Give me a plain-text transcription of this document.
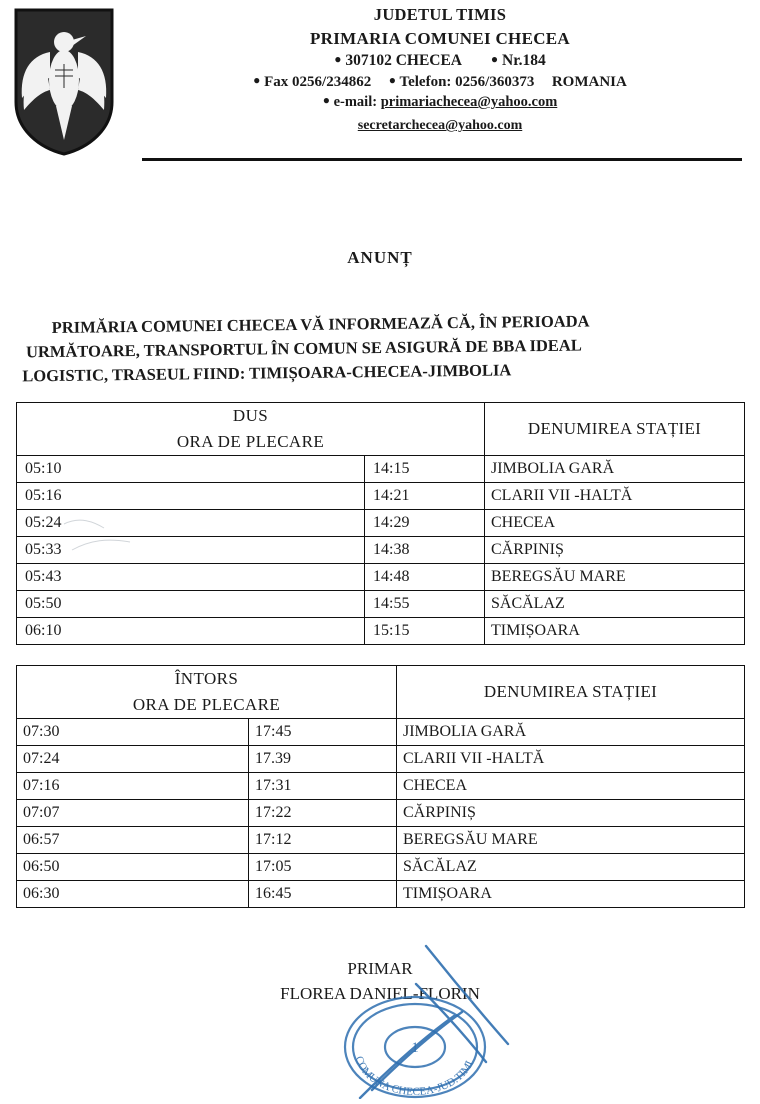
JUDETUL TIMIS
PRIMARIA COMUNEI CHECEA
● 307102 CHECEA ● Nr.184
● Fax 0256/234862 ● Telefon: 0256/360373 ROMANIA
● e-mail: primariachecea@yahoo.com
secretarchecea@yahoo.com
ANUNȚ
PRIMĂRIA COMUNEI CHECEA VĂ INFORMEAZĂ CĂ, ÎN PERIOADA
URMĂTOARE, TRANSPORTUL ÎN COMUN SE ASIGURĂ DE BBA IDEAL
LOGISTIC, TRASEUL FIIND: TIMIȘOARA-CHECEA-JIMBOLIA
DUS		DENUMIREA STAȚIEI
ORA DE PLECARE		
05:10	14:15	JIMBOLIA GARĂ
05:16	14:21	CLARII VII -HALTĂ
05:24	14:29	CHECEA
05:33	14:38	CĂRPINIȘ
05:43	14:48	BEREGSĂU MARE
05:50	14:55	SĂCĂLAZ
06:10	15:15	TIMIȘOARA
ÎNTORS		DENUMIREA STAȚIEI
ORA DE PLECARE		
07:30	17:45	JIMBOLIA GARĂ
07:24	17.39	CLARII VII -HALTĂ
07:16	17:31	CHECEA
07:07	17:22	CĂRPINIȘ
06:57	17:12	BEREGSĂU MARE
06:50	17:05	SĂCĂLAZ
06:30	16:45	TIMIȘOARA
PRIMAR
FLOREA DANIEL-FLORIN
COMUNA CHECEA-JUD.TIMI
1
